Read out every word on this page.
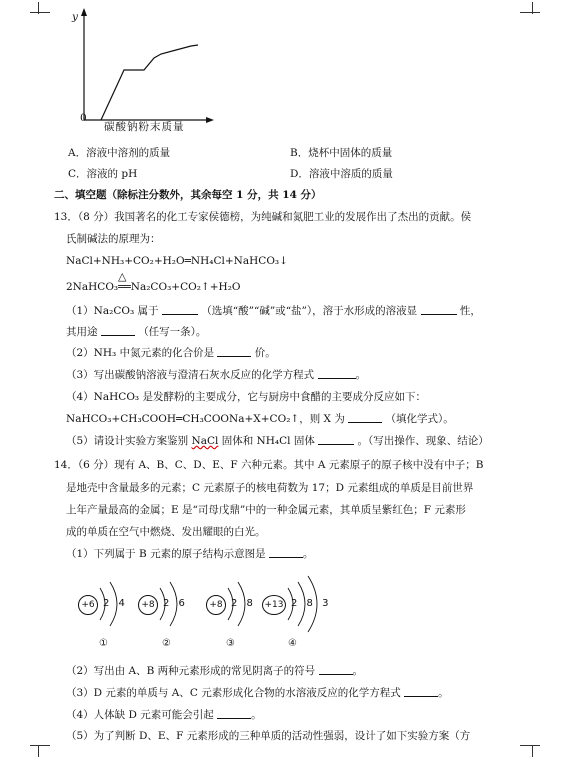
y
0
碳酸钠粉末质量
A．溶液中溶剂的质量	B．烧杯中固体的质量
C．溶液的 pH	D．溶液中溶质的质量
二、填空题（除标注分数外，其余每空 1 分，共 14 分）
13．（8 分）我国著名的化工专家侯德榜，为纯碱和氮肥工业的发展作出了杰出的贡献。侯
氏制碱法的原理为：
NaCl+NH₃+CO₂+H₂O═NH₄Cl+NaHCO₃↓
△
2NaHCO₃══Na₂CO₃+CO₂↑+H₂O
（1）Na₂CO₃ 属于	（选填“酸”“碱”或“盐”），溶于水形成的溶液显	性，
其用途	（任写一条）。
（2）NH₃ 中氮元素的化合价是	价。
（3）写出碳酸钠溶液与澄清石灰水反应的化学方程式	。
（4）NaHCO₃ 是发酵粉的主要成分，它与厨房中食醋的主要成分反应如下：
NaHCO₃+CH₃COOH═CH₃COONa+X+CO₂↑，则 X 为	（填化学式）。
（5）请设计实验方案鉴别 NaCl 固体和 NH₄Cl 固体	。（写出操作、现象、结论）
14．（6 分）现有 A、B、C、D、E、F 六种元素。其中 A 元素原子的原子核中没有中子；B
是地壳中含量最多的元素；C 元素原子的核电荷数为 17；D 元素组成的单质是目前世界
上年产量最高的金属；E 是“司母戊鼎”中的一种金属元素，其单质呈紫红色；F 元素形
成的单质在空气中燃烧、发出耀眼的白光。
（1）下列属于 B 元素的原子结构示意图是	。
+6 2 4
①
+8 2 6
②
+8 2 8
③
+13 2 8 3
④
（2）写出由 A、B 两种元素形成的常见阴离子的符号	。
（3）D 元素的单质与 A、C 元素形成化合物的水溶液反应的化学方程式	。
（4）人体缺 D 元素可能会引起	。
（5）为了判断 D、E、F 元素形成的三种单质的活动性强弱，设计了如下实验方案（方
